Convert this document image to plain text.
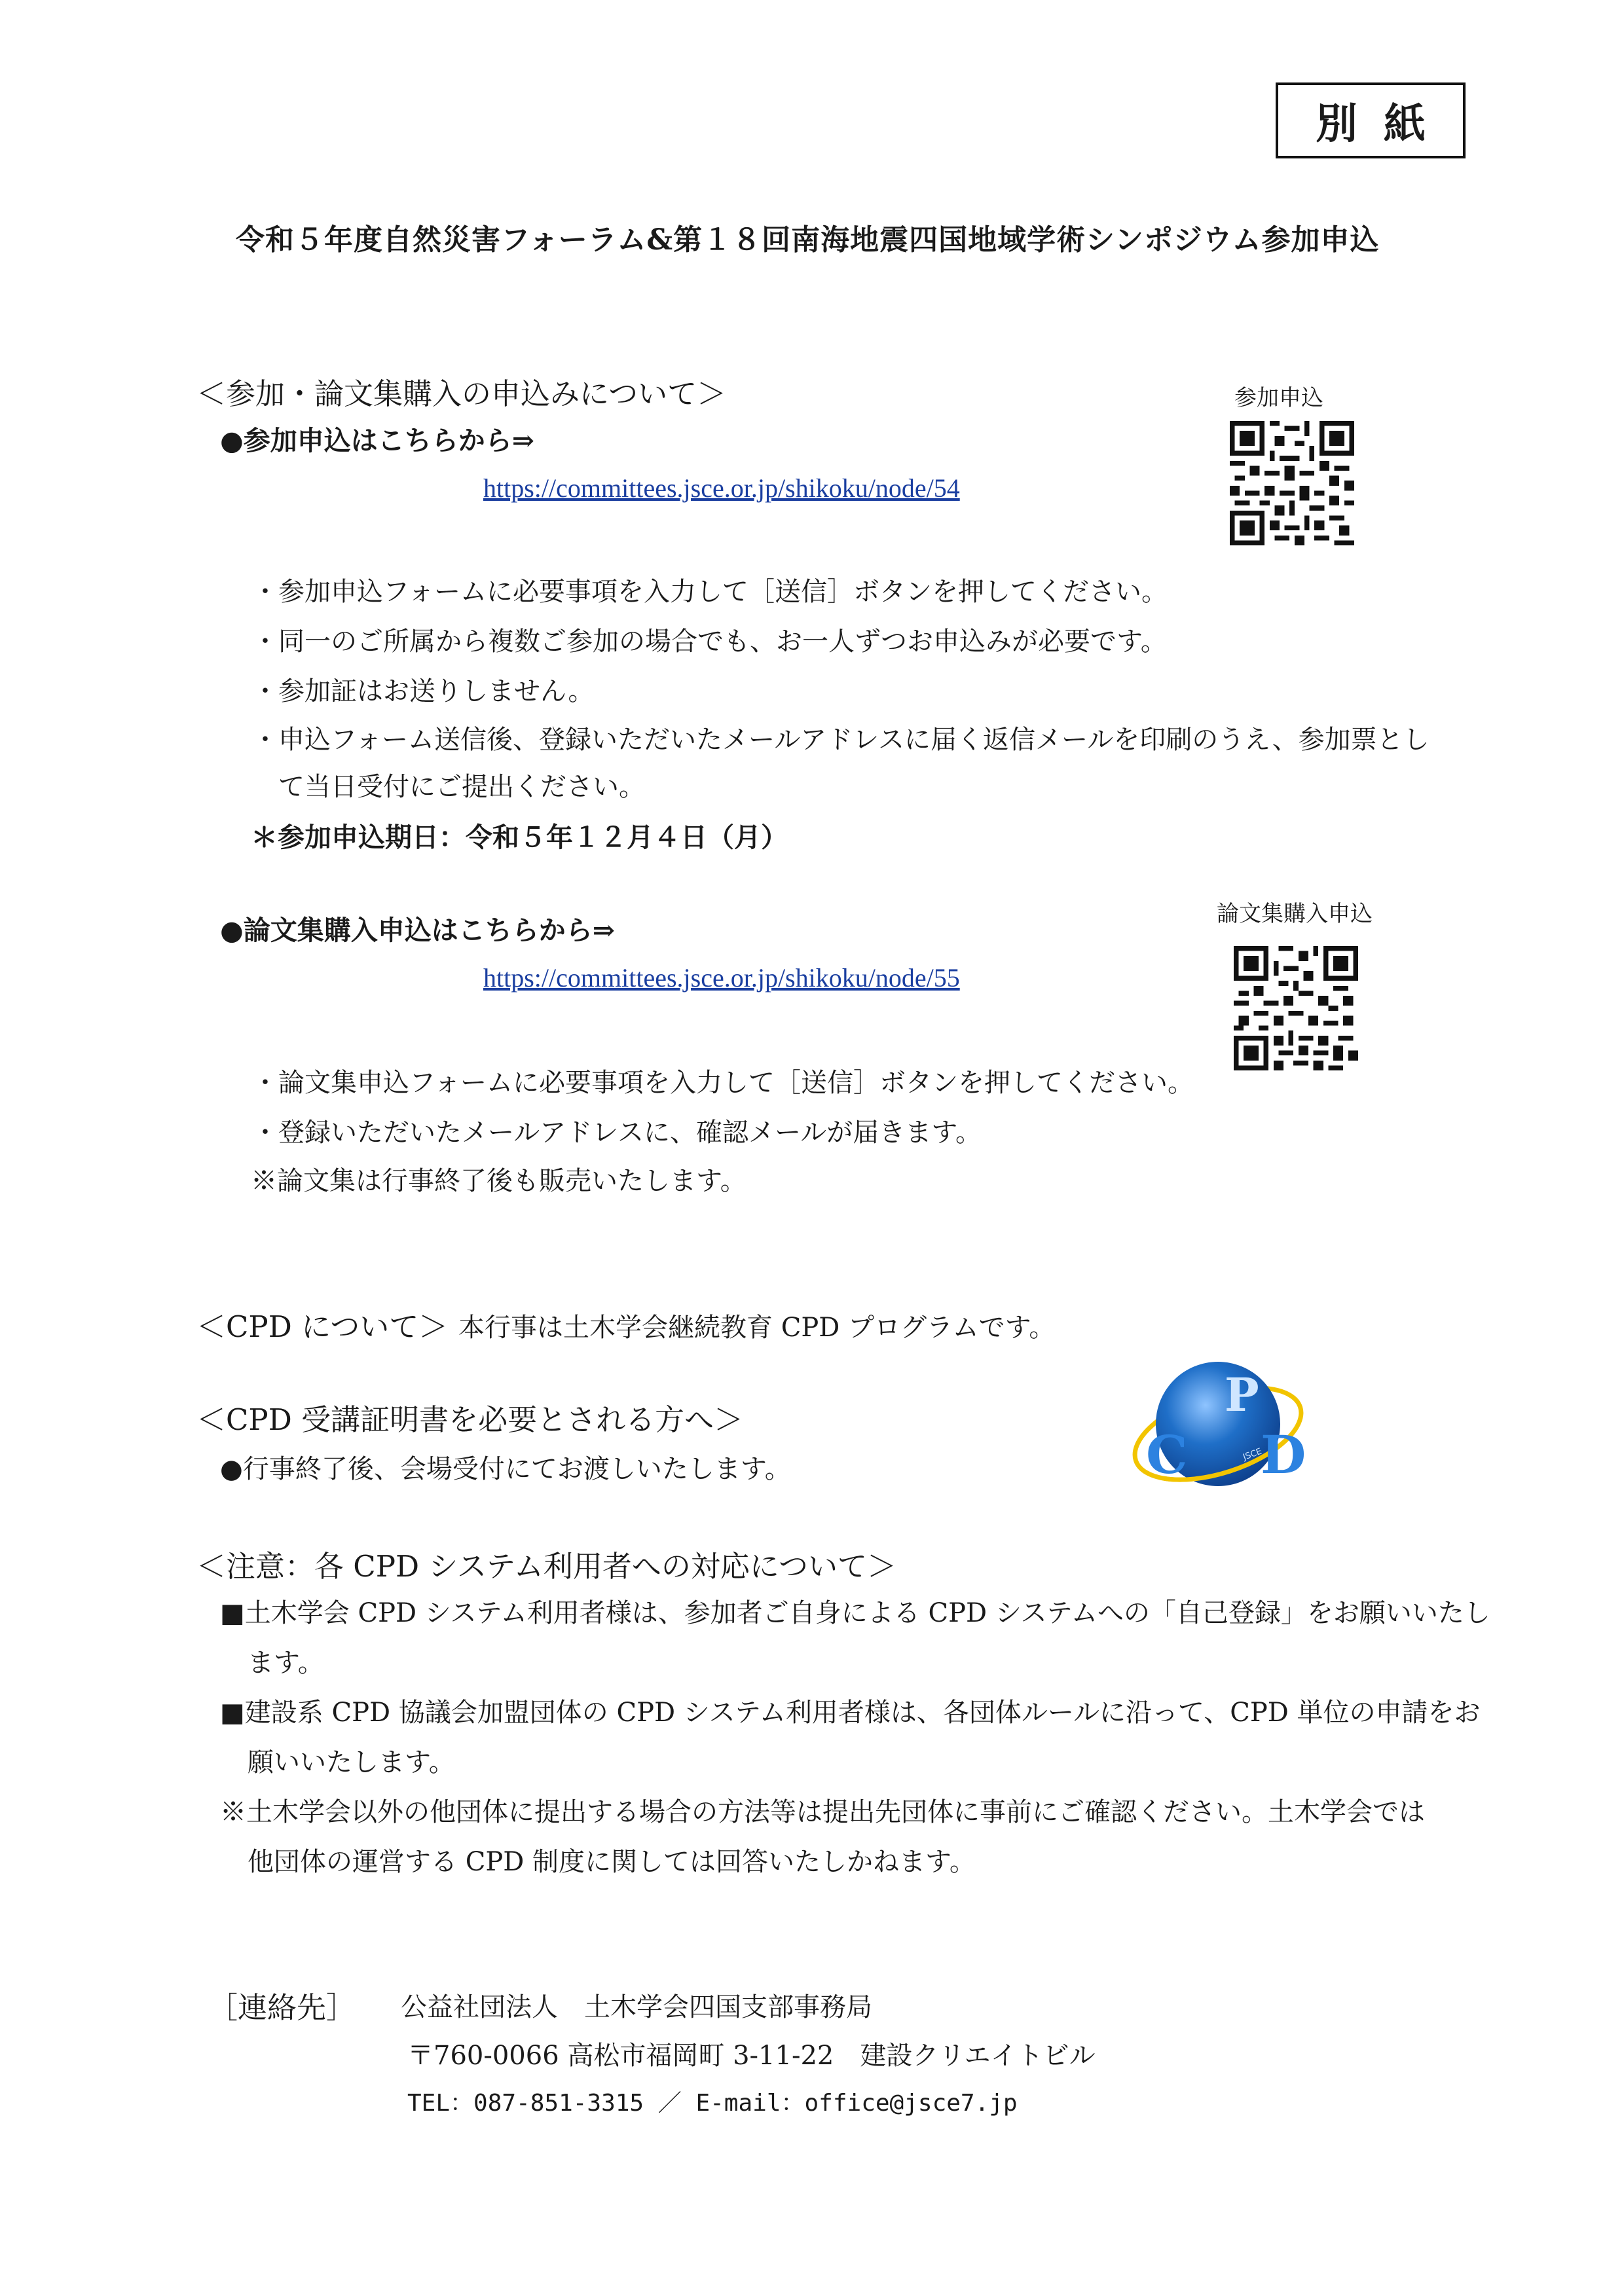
別紙
令和５年度自然災害フォーラム&第１８回南海地震四国地域学術シンポジウム参加申込
＜参加・論文集購入の申込みについて＞
●参加申込はこちらから⇒
https://committees.jsce.or.jp/shikoku/node/54
参加申込
・参加申込フォームに必要事項を入力して［送信］ボタンを押してください。
・同一のご所属から複数ご参加の場合でも、お一人ずつお申込みが必要です。
・参加証はお送りしません。
・申込フォーム送信後、登録いただいたメールアドレスに届く返信メールを印刷のうえ、参加票とし
て当日受付にご提出ください。
＊参加申込期日：令和５年１２月４日（月）
●論文集購入申込はこちらから⇒
https://committees.jsce.or.jp/shikoku/node/55
論文集購入申込
・論文集申込フォームに必要事項を入力して［送信］ボタンを押してください。
・登録いただいたメールアドレスに、確認メールが届きます。
※論文集は行事終了後も販売いたします。
＜CPD について＞ 本行事は土木学会継続教育 CPD プログラムです。
＜CPD 受講証明書を必要とされる方へ＞
●行事終了後、会場受付にてお渡しいたします。
P
C D
JSCE
＜注意：各 CPD システム利用者への対応について＞
■土木学会 CPD システム利用者様は、参加者ご自身による CPD システムへの「自己登録」をお願いいたし
ます。
■建設系 CPD 協議会加盟団体の CPD システム利用者様は、各団体ルールに沿って、CPD 単位の申請をお
願いいたします。
※土木学会以外の他団体に提出する場合の方法等は提出先団体に事前にご確認ください。土木学会では
他団体の運営する CPD 制度に関しては回答いたしかねます。
［連絡先］ 公益社団法人　土木学会四国支部事務局
〒760-0066 高松市福岡町 3-11-22　建設クリエイトビル
TEL：087-851-3315 ／ E-mail：office@jsce7.jp
